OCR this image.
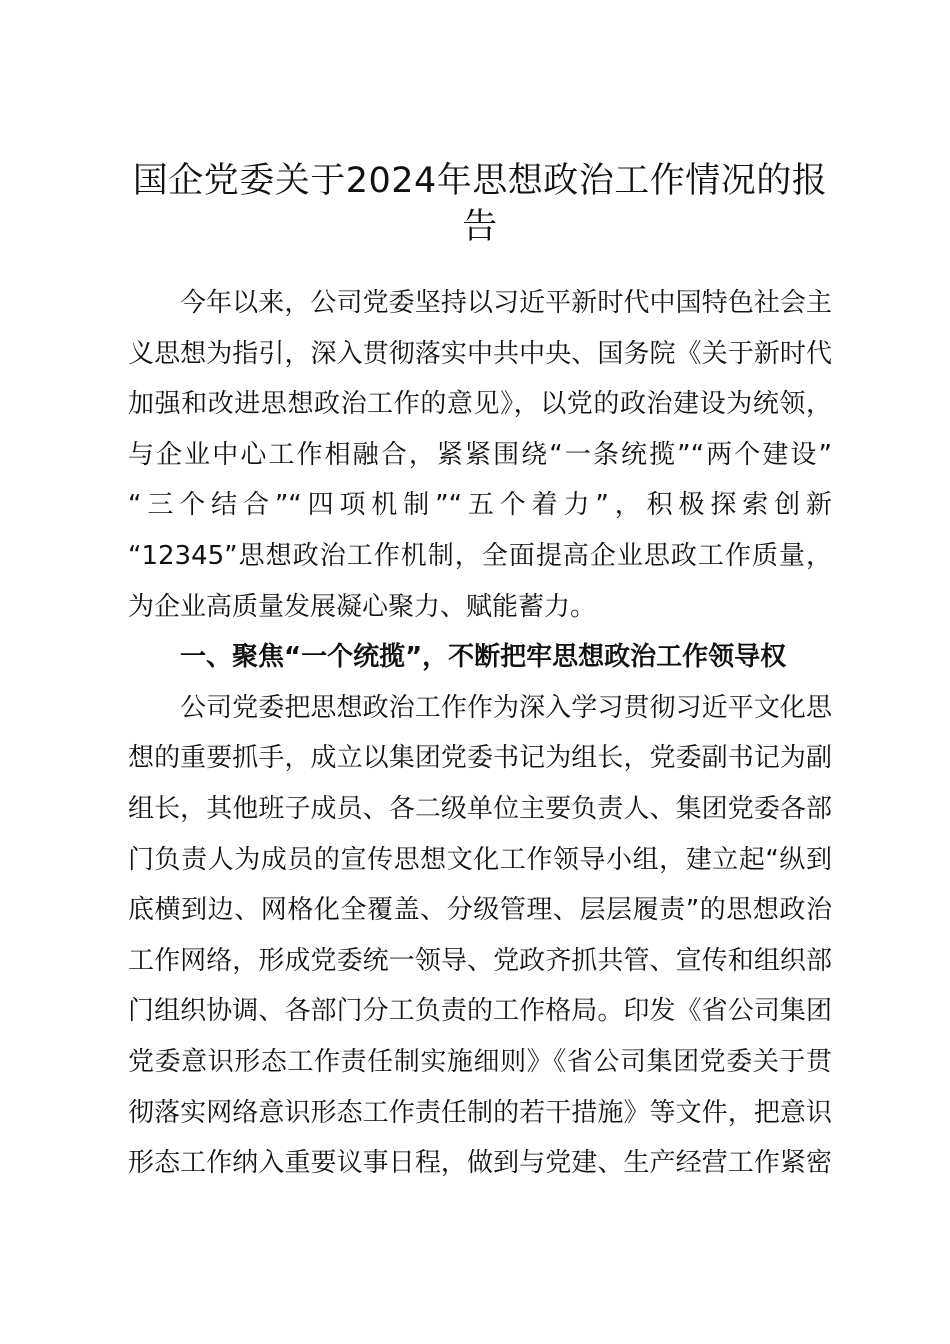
国企党委关于2024年思想政治工作情况的报告
今年以来，公司党委坚持以习近平新时代中国特色社会主
义思想为指引，深入贯彻落实中共中央、国务院《关于新时代
加强和改进思想政治工作的意见》，以党的政治建设为统领，
与企业中心工作相融合，紧紧围绕“一条统揽”“两个建设”
“三个结合”“四项机制”“五个着力”，积极探索创新
“12345”思想政治工作机制，全面提高企业思政工作质量，
为企业高质量发展凝心聚力、赋能蓄力。
一、聚焦“一个统揽”，不断把牢思想政治工作领导权
公司党委把思想政治工作作为深入学习贯彻习近平文化思
想的重要抓手，成立以集团党委书记为组长，党委副书记为副
组长，其他班子成员、各二级单位主要负责人、集团党委各部
门负责人为成员的宣传思想文化工作领导小组，建立起“纵到
底横到边、网格化全覆盖、分级管理、层层履责”的思想政治
工作网络，形成党委统一领导、党政齐抓共管、宣传和组织部
门组织协调、各部门分工负责的工作格局。印发《省公司集团
党委意识形态工作责任制实施细则》《省公司集团党委关于贯
彻落实网络意识形态工作责任制的若干措施》等文件，把意识
形态工作纳入重要议事日程，做到与党建、生产经营工作紧密
